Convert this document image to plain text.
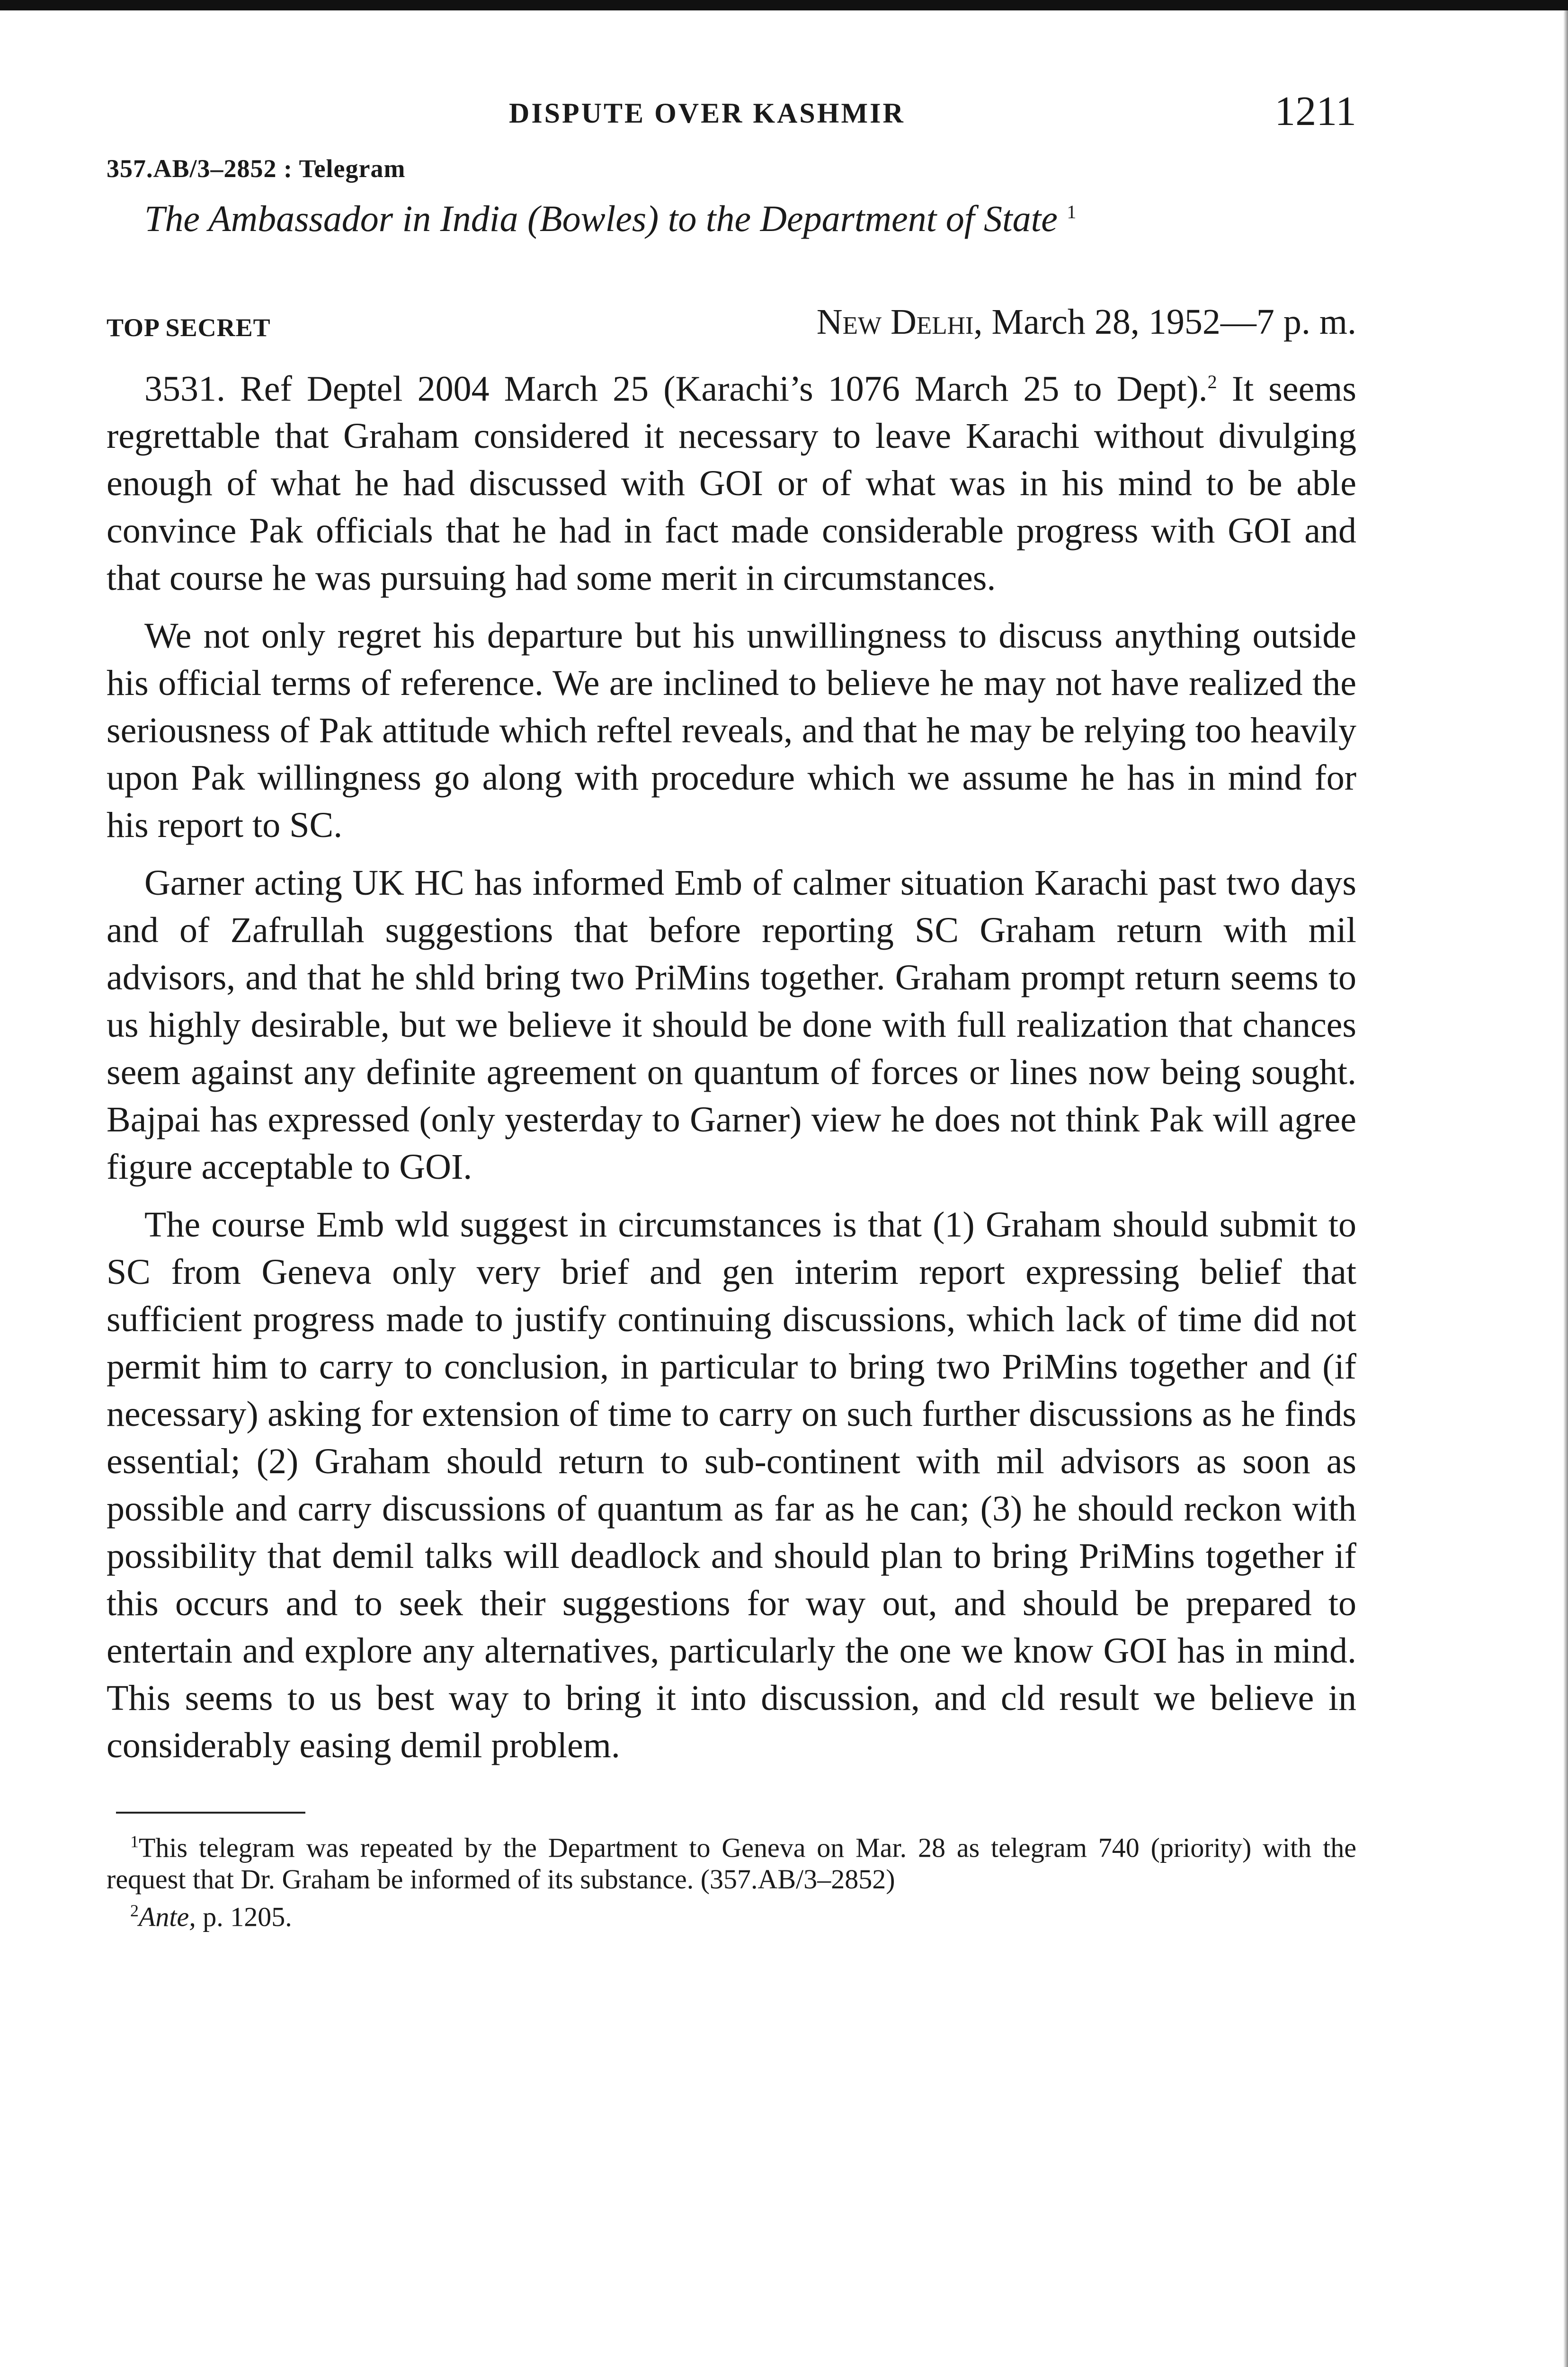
DISPUTE OVER KASHMIR	1211
357.AB/3–2852 : Telegram
The Ambassador in India (Bowles) to the Department of State $^1$
TOP SECRET	New Delhi, March 28, 1952—7 p. m.

3531. Ref Deptel 2004 March 25 (Karachi’s 1076 March 25 to Dept).$^2$ It seems regrettable that Graham considered it necessary to leave Karachi without divulging enough of what he had discussed with GOI or of what was in his mind to be able convince Pak officials that he had in fact made considerable progress with GOI and that course he was pursuing had some merit in circumstances.

We not only regret his departure but his unwillingness to discuss anything outside his official terms of reference. We are inclined to believe he may not have realized the seriousness of Pak attitude which reftel reveals, and that he may be relying too heavily upon Pak willingness go along with procedure which we assume he has in mind for his report to SC.

Garner acting UK HC has informed Emb of calmer situation Karachi past two days and of Zafrullah suggestions that before reporting SC Graham return with mil advisors, and that he shld bring two PriMins together. Graham prompt return seems to us highly desirable, but we believe it should be done with full realization that chances seem against any definite agreement on quantum of forces or lines now being sought. Bajpai has expressed (only yesterday to Garner) view he does not think Pak will agree figure acceptable to GOI.

The course Emb wld suggest in circumstances is that (1) Graham should submit to SC from Geneva only very brief and gen interim report expressing belief that sufficient progress made to justify continuing discussions, which lack of time did not permit him to carry to conclusion, in particular to bring two PriMins together and (if necessary) asking for extension of time to carry on such further discussions as he finds essential; (2) Graham should return to sub-continent with mil advisors as soon as possible and carry discussions of quantum as far as he can; (3) he should reckon with possibility that demil talks will deadlock and should plan to bring PriMins together if this occurs and to seek their suggestions for way out, and should be prepared to entertain and explore any alternatives, particularly the one we know GOI has in mind. This seems to us best way to bring it into discussion, and cld result we believe in considerably easing demil problem.

$^1$This telegram was repeated by the Department to Geneva on Mar. 28 as telegram 740 (priority) with the request that Dr. Graham be informed of its substance. (357.AB/3–2852)

$^2$Ante, p. 1205.
